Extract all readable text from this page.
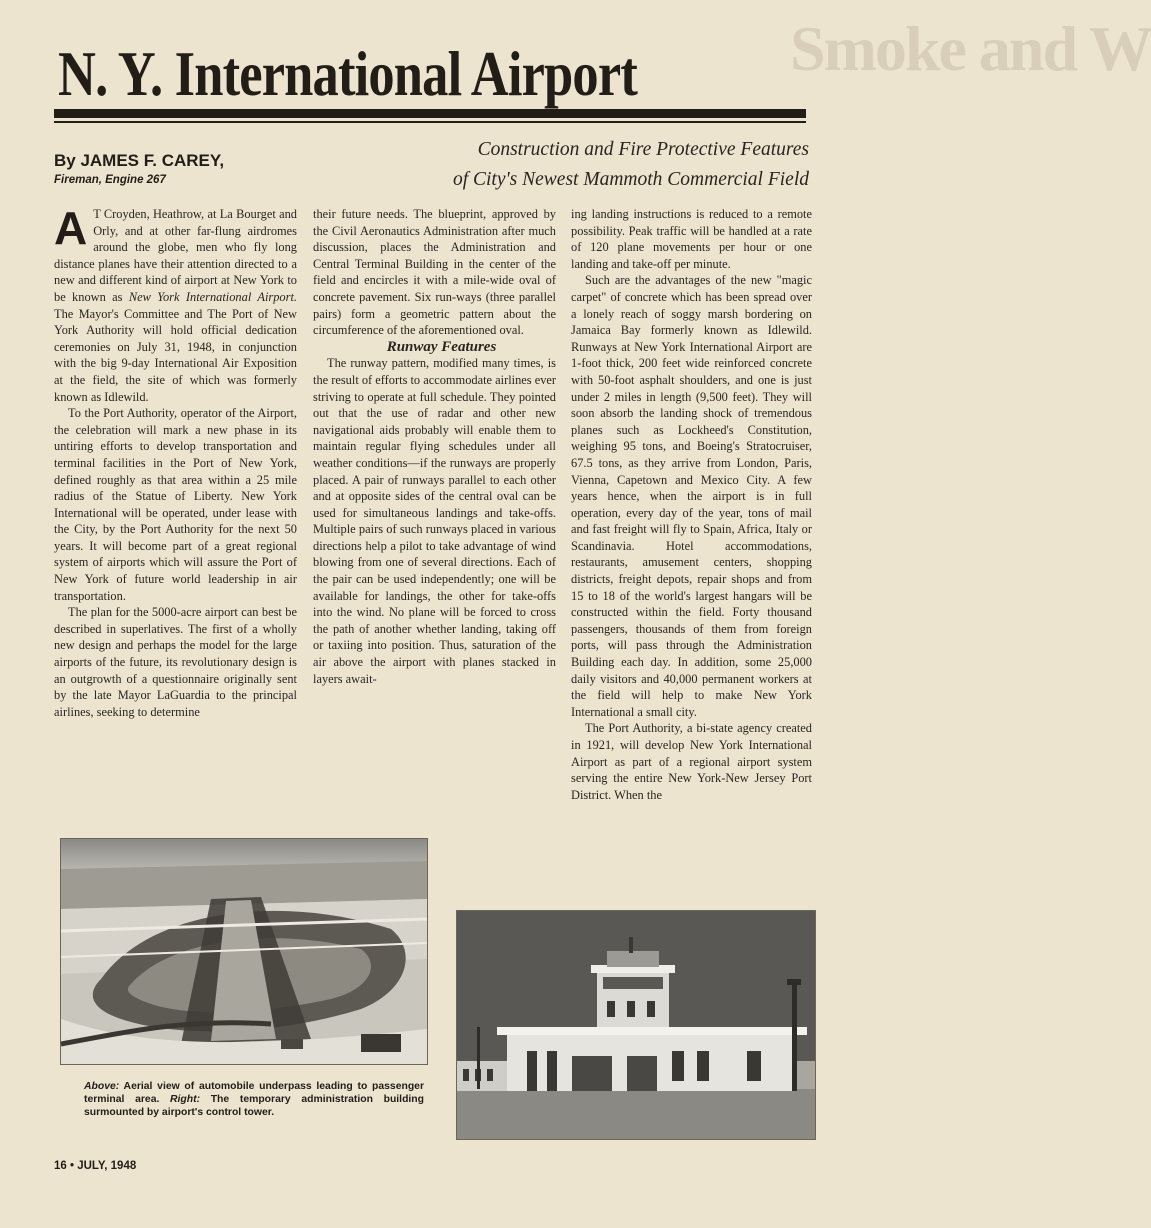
Smoke and W
N. Y. International Airport
By JAMES F. CAREY,
Fireman, Engine 267
Construction and Fire Protective Features
of City's Newest Mammoth Commercial Field

A T Croyden, Heathrow, at La Bourget and Orly, and at other far-flung airdromes around the globe, men who fly long distance planes have their attention directed to a new and different kind of airport at New York to be known as New York International Airport. The Mayor's Committee and The Port of New York Authority will hold official dedication ceremonies on July 31, 1948, in conjunction with the big 9-day International Air Exposition at the field, the site of which was formerly known as Idlewild.

To the Port Authority, operator of the Airport, the celebration will mark a new phase in its untiring efforts to develop transportation and terminal facilities in the Port of New York, defined roughly as that area within a 25 mile radius of the Statue of Liberty. New York International will be operated, under lease with the City, by the Port Authority for the next 50 years. It will become part of a great regional system of airports which will assure the Port of New York of future world leadership in air transportation.

The plan for the 5000-acre airport can best be described in superlatives. The first of a wholly new design and perhaps the model for the large airports of the future, its revolutionary design is an outgrowth of a questionnaire originally sent by the late Mayor LaGuardia to the principal airlines, seeking to determine

their future needs. The blueprint, approved by the Civil Aeronautics Administration after much discussion, places the Administration and Central Terminal Building in the center of the field and encircles it with a mile-wide oval of concrete pavement. Six run-ways (three parallel pairs) form a geometric pattern about the circumference of the aforementioned oval.

Runway Features

The runway pattern, modified many times, is the result of efforts to accommodate airlines ever striving to operate at full schedule. They pointed out that the use of radar and other new navigational aids probably will enable them to maintain regular flying schedules under all weather conditions—if the runways are properly placed. A pair of runways parallel to each other and at opposite sides of the central oval can be used for simultaneous landings and take-offs. Multiple pairs of such runways placed in various directions help a pilot to take advantage of wind blowing from one of several directions. Each of the pair can be used independently; one will be available for landings, the other for take-offs into the wind. No plane will be forced to cross the path of another whether landing, taking off or taxiing into position. Thus, saturation of the air above the airport with planes stacked in layers await-

ing landing instructions is reduced to a remote possibility. Peak traffic will be handled at a rate of 120 plane movements per hour or one landing and take-off per minute.

Such are the advantages of the new "magic carpet" of concrete which has been spread over a lonely reach of soggy marsh bordering on Jamaica Bay formerly known as Idlewild. Runways at New York International Airport are 1-foot thick, 200 feet wide reinforced concrete with 50-foot asphalt shoulders, and one is just under 2 miles in length (9,500 feet). They will soon absorb the landing shock of tremendous planes such as Lockheed's Constitution, weighing 95 tons, and Boeing's Stratocruiser, 67.5 tons, as they arrive from London, Paris, Vienna, Capetown and Mexico City. A few years hence, when the airport is in full operation, every day of the year, tons of mail and fast freight will fly to Spain, Africa, Italy or Scandinavia. Hotel accommodations, restaurants, amusement centers, shopping districts, freight depots, repair shops and from 15 to 18 of the world's largest hangars will be constructed within the field. Forty thousand passengers, thousands of them from foreign ports, will pass through the Administration Building each day. In addition, some 25,000 daily visitors and 40,000 permanent workers at the field will help to make New York International a small city.

The Port Authority, a bi-state agency created in 1921, will develop New York International Airport as part of a regional airport system serving the entire New York-New Jersey Port District. When the

Above: Aerial view of automobile underpass leading to passenger terminal area. Right: The temporary administration building surmounted by airport's control tower.
16 • JULY, 1948
